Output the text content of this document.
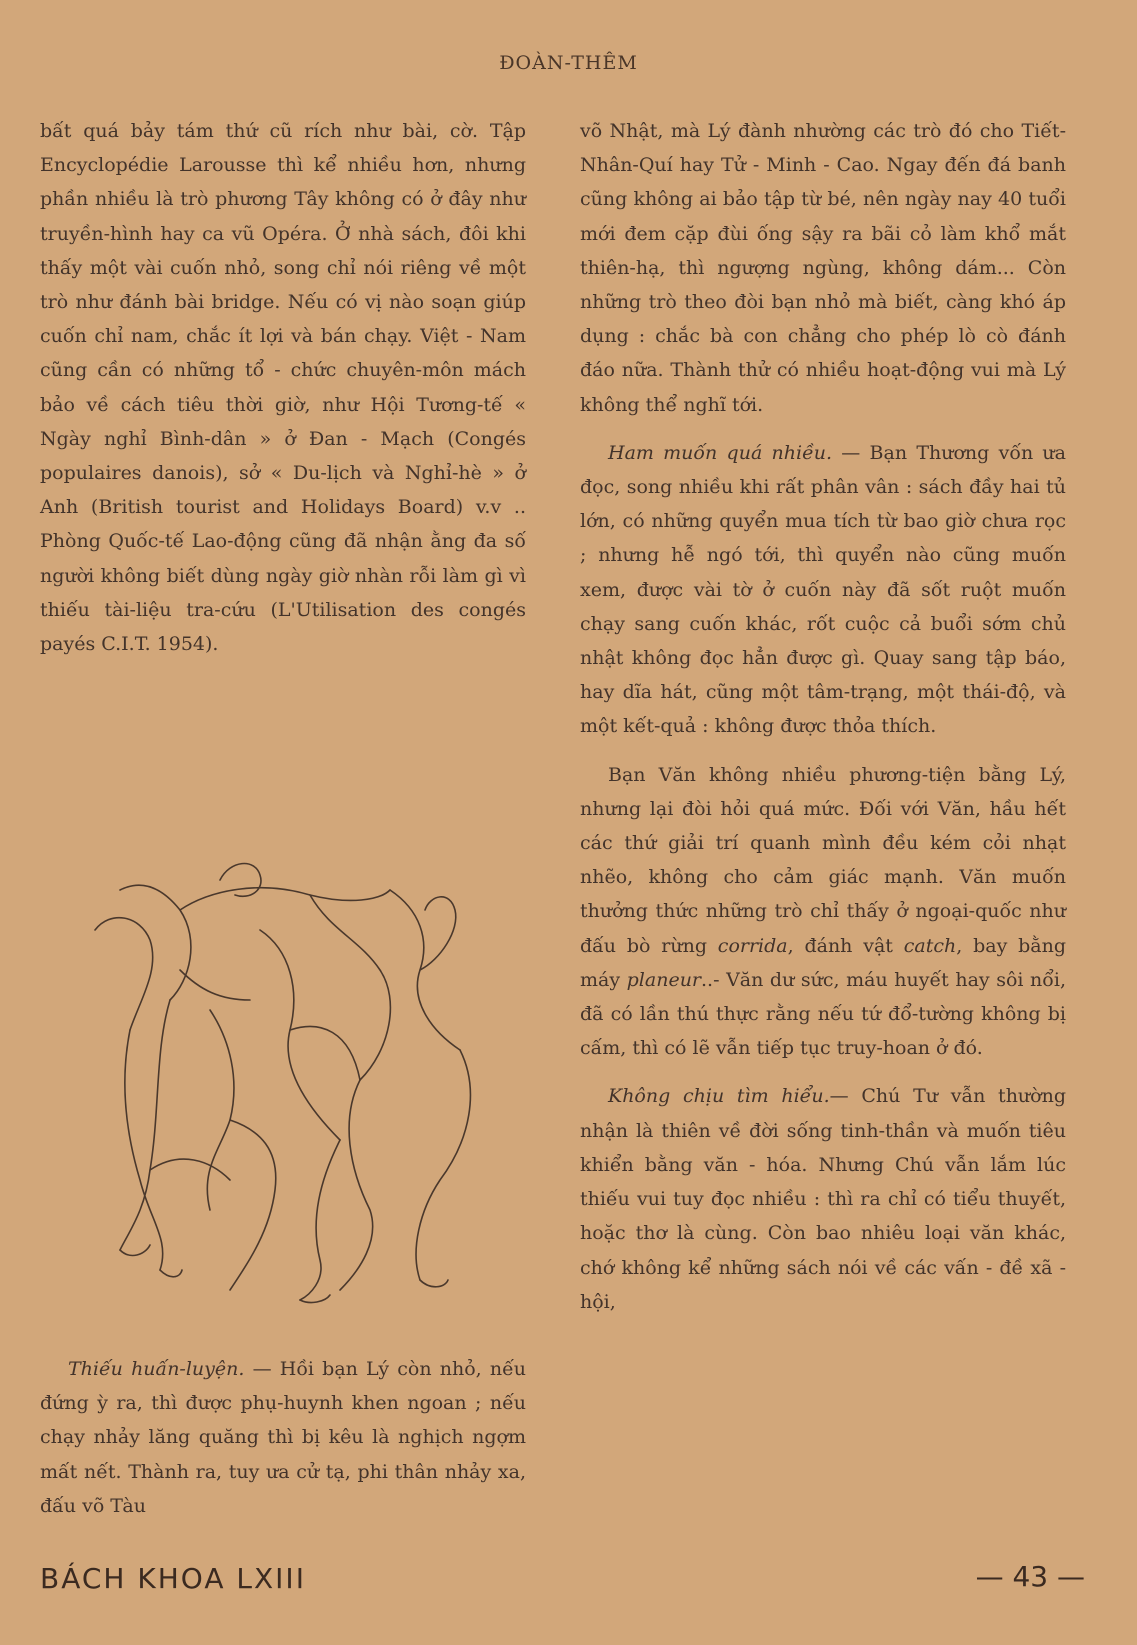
ĐOÀN-THÊM

bất quá bảy tám thứ cũ rích như bài, cờ. Tập Encyclopédie Larousse thì kể nhiều hơn, nhưng phần nhiều là trò phương Tây không có ở đây như truyền-hình hay ca vũ Opéra. Ở nhà sách, đôi khi thấy một vài cuốn nhỏ, song chỉ nói riêng về một trò như đánh bài bridge. Nếu có vị nào soạn giúp cuốn chỉ nam, chắc ít lợi và bán chạy. Việt - Nam cũng cần có những tổ - chức chuyên-môn mách bảo về cách tiêu thời giờ, như Hội Tương-tế « Ngày nghỉ Bình-dân » ở Đan - Mạch (Congés populaires danois), sở « Du-lịch và Nghỉ-hè » ở Anh (British tourist and Holidays Board) v.v .. Phòng Quốc-tế Lao-động cũng đã nhận ằng đa số người không biết dùng ngày giờ nhàn rỗi làm gì vì thiếu tài-liệu tra-cứu (L'Utilisation des congés payés C.I.T. 1954).

Thiếu huấn-luyện. — Hồi bạn Lý còn nhỏ, nếu đứng ỳ ra, thì được phụ-huynh khen ngoan ; nếu chạy nhảy lăng quăng thì bị kêu là nghịch ngợm mất nết. Thành ra, tuy ưa cử tạ, phi thân nhảy xa, đấu võ Tàu

võ Nhật, mà Lý đành nhường các trò đó cho Tiết-Nhân-Quí hay Tử - Minh - Cao. Ngay đến đá banh cũng không ai bảo tập từ bé, nên ngày nay 40 tuổi mới đem cặp đùi ống sậy ra bãi cỏ làm khổ mắt thiên-hạ, thì ngượng ngùng, không dám... Còn những trò theo đòi bạn nhỏ mà biết, càng khó áp dụng : chắc bà con chẳng cho phép lò cò đánh đáo nữa. Thành thử có nhiều hoạt-động vui mà Lý không thể nghĩ tới.

Ham muốn quá nhiều. — Bạn Thương vốn ưa đọc, song nhiều khi rất phân vân : sách đầy hai tủ lớn, có những quyển mua tích từ bao giờ chưa rọc ; nhưng hễ ngó tới, thì quyển nào cũng muốn xem, được vài tờ ở cuốn này đã sốt ruột muốn chạy sang cuốn khác, rốt cuộc cả buổi sớm chủ nhật không đọc hẳn được gì. Quay sang tập báo, hay dĩa hát, cũng một tâm-trạng, một thái-độ, và một kết-quả : không được thỏa thích.

Bạn Văn không nhiều phương-tiện bằng Lý, nhưng lại đòi hỏi quá mức. Đối với Văn, hầu hết các thứ giải trí quanh mình đều kém cỏi nhạt nhẽo, không cho cảm giác mạnh. Văn muốn thưởng thức những trò chỉ thấy ở ngoại-quốc như đấu bò rừng corrida, đánh vật catch, bay bằng máy planeur..- Văn dư sức, máu huyết hay sôi nổi, đã có lần thú thực rằng nếu tứ đổ-tường không bị cấm, thì có lẽ vẫn tiếp tục truy-hoan ở đó.

Không chịu tìm hiểu.— Chú Tư vẫn thường nhận là thiên về đời sống tinh-thần và muốn tiêu khiển bằng văn - hóa. Nhưng Chú vẫn lắm lúc thiếu vui tuy đọc nhiều : thì ra chỉ có tiểu thuyết, hoặc thơ là cùng. Còn bao nhiêu loại văn khác, chớ không kể những sách nói về các vấn - đề xã - hội,

BÁCH KHOA LXIII	— 43 —
